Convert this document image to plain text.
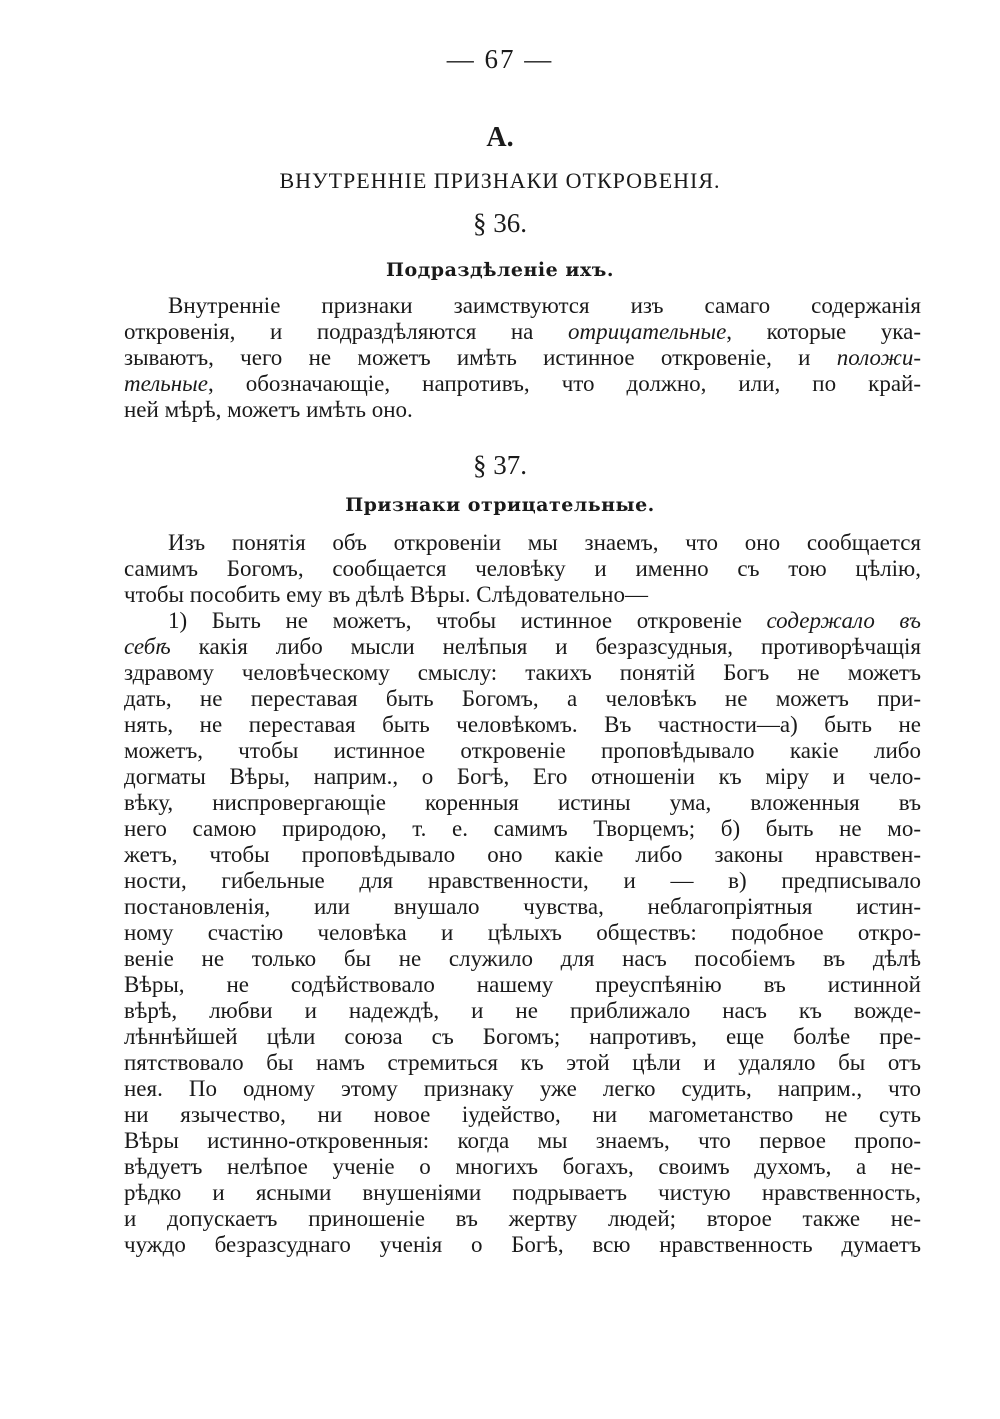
— 67 —
А.
ВНУТРЕННІЕ ПРИЗНАКИ ОТКРОВЕНІЯ.
§ 36.
Подраздѣленіе ихъ.
Внутренніе признаки заимствуются изъ самаго содержанія
откровенія, и подраздѣляются на отрицательные, которые ука-
зываютъ, чего не можетъ имѣть истинное откровеніе, и положи-
тельные, обозначающіе, напротивъ, что должно, или, по край-
ней мѣрѣ, можетъ имѣть оно.
§ 37.
Признаки отрицательные.
Изъ понятія объ откровеніи мы знаемъ, что оно сообщается
самимъ Богомъ, сообщается человѣку и именно съ тою цѣлію,
чтобы пособить ему въ дѣлѣ Вѣры. Слѣдовательно—
1) Быть не можетъ, чтобы истинное откровеніе содержало въ
себѣ какія либо мысли нелѣпыя и безразсудныя, противорѣчащія
здравому человѣческому смыслу: такихъ понятій Богъ не можетъ
дать, не переставая быть Богомъ, а человѣкъ не можетъ при-
нять, не переставая быть человѣкомъ. Въ частности—а) быть не
можетъ, чтобы истинное откровеніе проповѣдывало какіе либо
догматы Вѣры, наприм., о Богѣ, Его отношеніи къ міру и чело-
вѣку, ниспровергающіе коренныя истины ума, вложенныя въ
него самою природою, т. е. самимъ Творцемъ; б) быть не мо-
жетъ, чтобы проповѣдывало оно какіе либо законы нравствен-
ности, гибельные для нравственности, и — в) предписывало
постановленія, или внушало чувства, неблагопріятныя истин-
ному счастію человѣка и цѣлыхъ обществъ: подобное откро-
веніе не только бы не служило для насъ пособіемъ въ дѣлѣ
Вѣры, не содѣйствовало нашему преуспѣянію въ истинной
вѣрѣ, любви и надеждѣ, и не приближало насъ къ вожде-
лѣннѣйшей цѣли союза съ Богомъ; напротивъ, еще болѣе пре-
пятствовало бы намъ стремиться къ этой цѣли и удаляло бы отъ
нея. По одному этому признаку уже легко судить, наприм., что
ни язычество, ни новое іудейство, ни магометанство не суть
Вѣры истинно-откровенныя: когда мы знаемъ, что первое пропо-
вѣдуетъ нелѣпое ученіе о многихъ богахъ, своимъ духомъ, а не-
рѣдко и ясными внушеніями подрываетъ чистую нравственность,
и допускаетъ приношеніе въ жертву людей; второе также не-
чуждо безразсуднаго ученія о Богѣ, всю нравственность думаетъ
